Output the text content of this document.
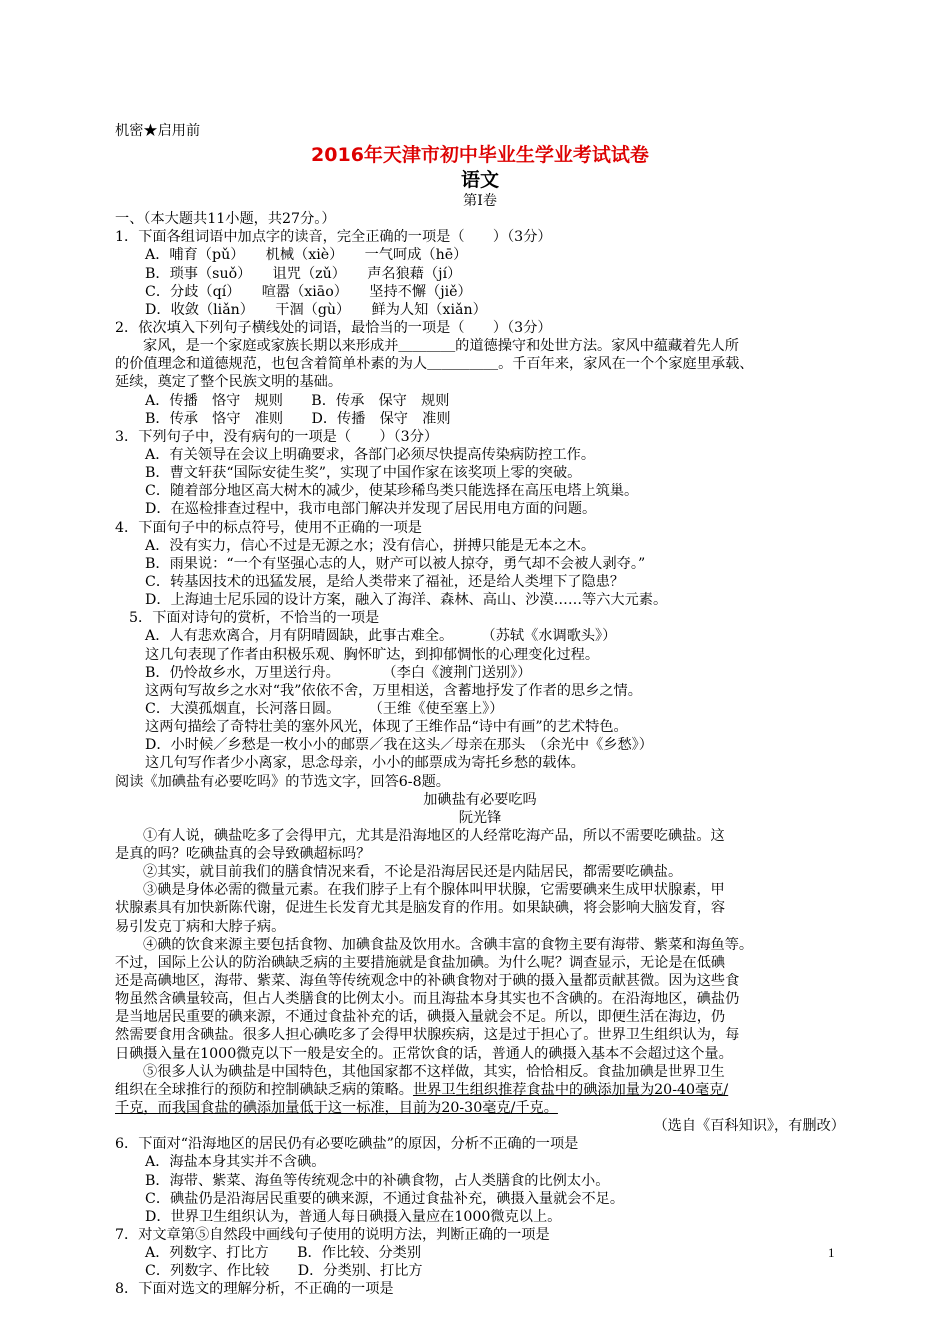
机密★启用前
2016年天津市初中毕业生学业考试试卷
语文
第Ⅰ卷
一、（本大题共11小题，共27分。）
1．下面各组词语中加点字的读音，完全正确的一项是（　　）（3分）
A．哺育（pǔ）　　机械（xiè）　　一气呵成（hē）
B．琐事（suǒ）　　诅咒（zǔ）　　声名狼藉（jí）
C．分歧（qí）　　喧嚣（xiāo）　　坚持不懈（jiě）
D．收敛（liǎn）　　干涸（gù）　　鲜为人知（xiǎn）
2．依次填入下列句子横线处的词语，最恰当的一项是（　　）（3分）
家风，是一个家庭或家族长期以来形成并＿＿＿＿的道德操守和处世方法。家风中蕴藏着先人所
的价值理念和道德规范，也包含着简单朴素的为人＿＿＿＿＿。千百年来，家风在一个个家庭里承载、
延续，奠定了整个民族文明的基础。
A．传播　恪守　规则　　B．传承　保守　规则
B．传承　恪守　准则　　D．传播　保守　准则
3．下列句子中，没有病句的一项是（　　）（3分）
A．有关领导在会议上明确要求，各部门必须尽快提高传染病防控工作。
B．曹文轩获“国际安徒生奖”，实现了中国作家在该奖项上零的突破。
C．随着部分地区高大树木的减少，使某珍稀鸟类只能选择在高压电塔上筑巢。
D．在巡检排查过程中，我市电部门解决并发现了居民用电方面的问题。
4．下面句子中的标点符号，使用不正确的一项是
A．没有实力，信心不过是无源之水；没有信心，拼搏只能是无本之木。
B．雨果说：“一个有坚强心志的人，财产可以被人掠夺，勇气却不会被人剥夺。”
C．转基因技术的迅猛发展，是给人类带来了福祉，还是给人类埋下了隐患？
D．上海迪士尼乐园的设计方案，融入了海洋、森林、高山、沙漠……等六大元素。
5．下面对诗句的赏析，不恰当的一项是
A．人有悲欢离合，月有阴晴圆缺，此事古难全。　　　（苏轼《水调歌头》）
这几句表现了作者由积极乐观、胸怀旷达，到抑郁惆怅的心理变化过程。
B．仍怜故乡水，万里送行舟。　　　　（李白《渡荆门送别》）
这两句写故乡之水对“我”依依不舍，万里相送，含蓄地抒发了作者的思乡之情。
C．大漠孤烟直，长河落日圆。　　　（王维《使至塞上》）
这两句描绘了奇特壮美的塞外风光，体现了王维作品“诗中有画”的艺术特色。
D．小时候／乡愁是一枚小小的邮票／我在这头／母亲在那头　（余光中《乡愁》）
这几句写作者少小离家，思念母亲，小小的邮票成为寄托乡愁的载体。
阅读《加碘盐有必要吃吗》的节选文字，回答6-8题。
加碘盐有必要吃吗
阮光锋
①有人说，碘盐吃多了会得甲亢，尤其是沿海地区的人经常吃海产品，所以不需要吃碘盐。这
是真的吗？吃碘盐真的会导致碘超标吗？
②其实，就目前我们的膳食情况来看，不论是沿海居民还是内陆居民，都需要吃碘盐。
③碘是身体必需的微量元素。在我们脖子上有个腺体叫甲状腺，它需要碘来生成甲状腺素，甲
状腺素具有加快新陈代谢，促进生长发育尤其是脑发育的作用。如果缺碘，将会影响大脑发育，容
易引发克丁病和大脖子病。
④碘的饮食来源主要包括食物、加碘食盐及饮用水。含碘丰富的食物主要有海带、紫菜和海鱼等。
不过，国际上公认的防治碘缺乏病的主要措施就是食盐加碘。为什么呢？调查显示，无论是在低碘
还是高碘地区，海带、紫菜、海鱼等传统观念中的补碘食物对于碘的摄入量都贡献甚微。因为这些食
物虽然含碘量较高，但占人类膳食的比例太小。而且海盐本身其实也不含碘的。在沿海地区，碘盐仍
是当地居民重要的碘来源，不通过食盐补充的话，碘摄入量就会不足。所以，即便生活在海边，仍
然需要食用含碘盐。很多人担心碘吃多了会得甲状腺疾病，这是过于担心了。世界卫生组织认为，每
日碘摄入量在1000微克以下一般是安全的。正常饮食的话，普通人的碘摄入基本不会超过这个量。
⑤很多人认为碘盐是中国特色，其他国家都不这样做，其实，恰恰相反。食盐加碘是世界卫生
组织在全球推行的预防和控制碘缺乏病的策略。世界卫生组织推荐食盐中的碘添加量为20-40毫克/
千克，而我国食盐的碘添加量低于这一标准，目前为20-30毫克/千克。
（选自《百科知识》，有删改）
6．下面对“沿海地区的居民仍有必要吃碘盐”的原因，分析不正确的一项是
A．海盐本身其实并不含碘。
B．海带、紫菜、海鱼等传统观念中的补碘食物，占人类膳食的比例太小。
C．碘盐仍是沿海居民重要的碘来源，不通过食盐补充，碘摄入量就会不足。
D．世界卫生组织认为，普通人每日碘摄入量应在1000微克以上。
7．对文章第⑤自然段中画线句子使用的说明方法，判断正确的一项是
A．列数字、打比方　　B．作比较、分类别
C．列数字、作比较　　D．分类别、打比方
8．下面对选文的理解分析，不正确的一项是
1
